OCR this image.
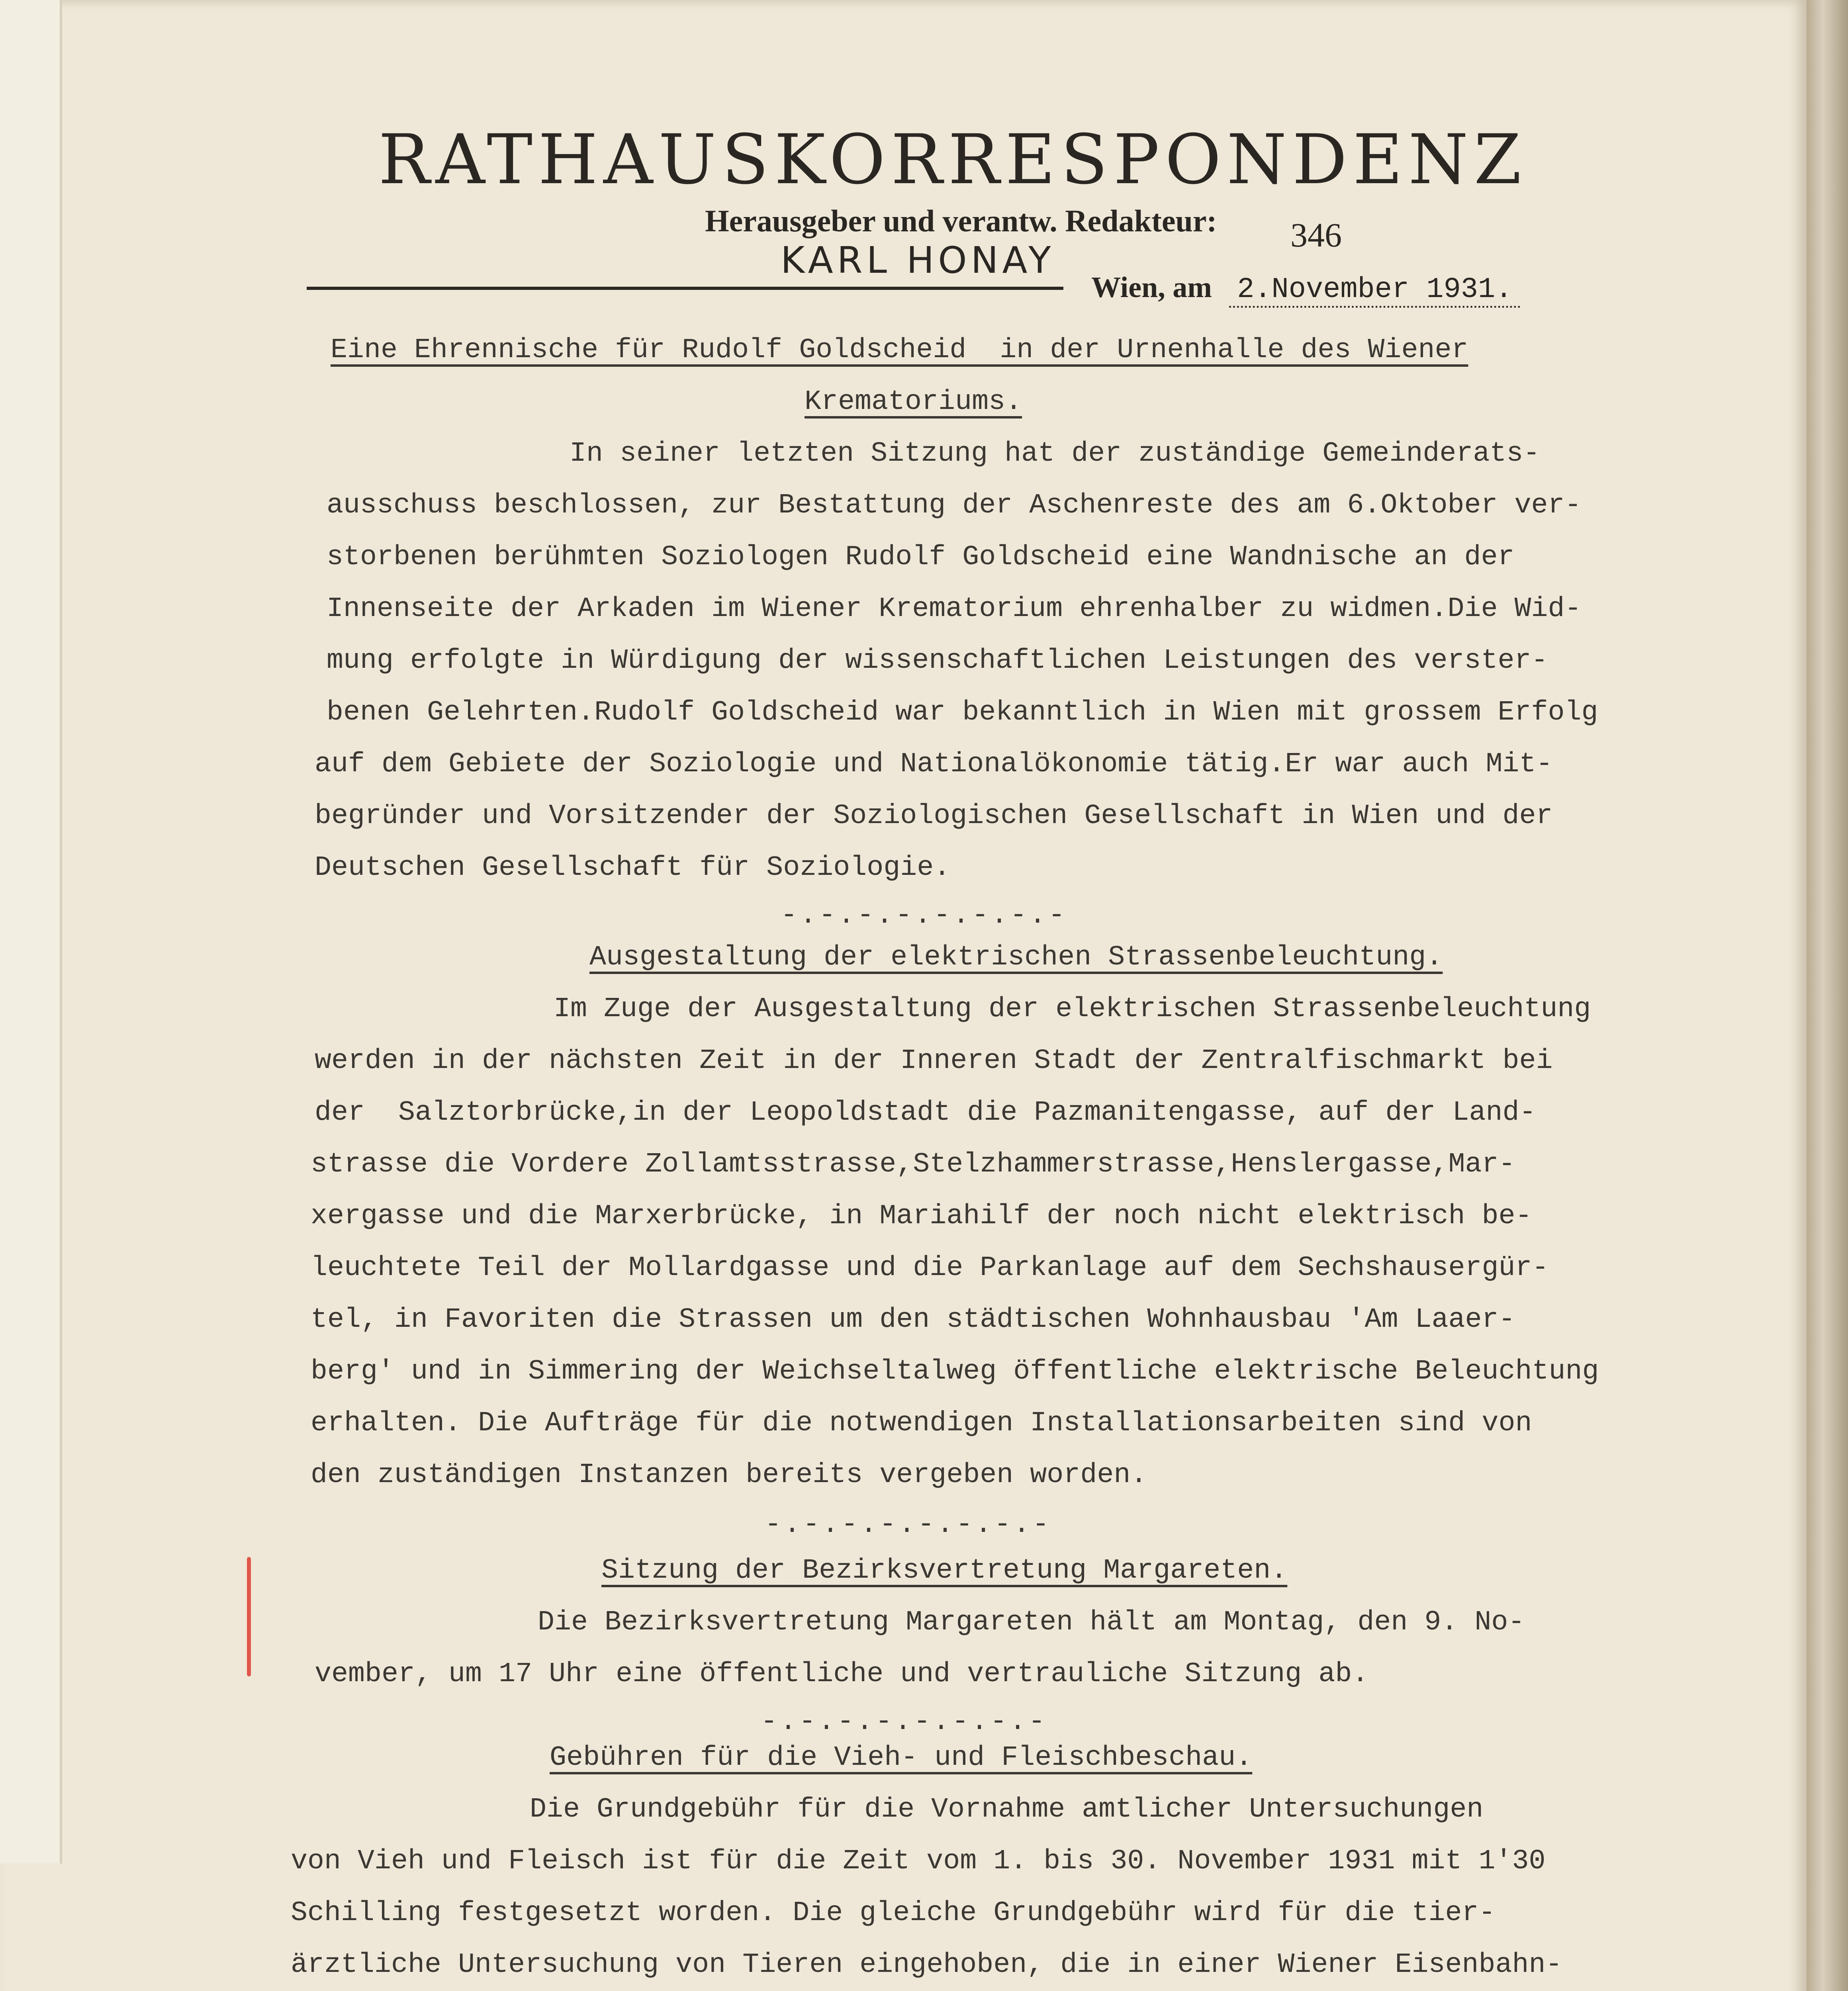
RATHAUSKORRESPONDENZ
Herausgeber und verantw. Redakteur:
KARL HONAY
346
Wien, am 2.November 1931.
Eine Ehrennische für Rudolf Goldscheid  in der Urnenhalle des Wiener
Krematoriums.
In seiner letzten Sitzung hat der zuständige Gemeinderats-
ausschuss beschlossen, zur Bestattung der Aschenreste des am 6.Oktober ver-
storbenen berühmten Soziologen Rudolf Goldscheid eine Wandnische an der
Innenseite der Arkaden im Wiener Krematorium ehrenhalber zu widmen.Die Wid-
mung erfolgte in Würdigung der wissenschaftlichen Leistungen des verster-
benen Gelehrten.Rudolf Goldscheid war bekanntlich in Wien mit grossem Erfolg
auf dem Gebiete der Soziologie und Nationalökonomie tätig.Er war auch Mit-
begründer und Vorsitzender der Soziologischen Gesellschaft in Wien und der
Deutschen Gesellschaft für Soziologie.
-.-.-.-.-.-.-.-
Ausgestaltung der elektrischen Strassenbeleuchtung.
Im Zuge der Ausgestaltung der elektrischen Strassenbeleuchtung
werden in der nächsten Zeit in der Inneren Stadt der Zentralfischmarkt bei
der  Salztorbrücke,in der Leopoldstadt die Pazmanitengasse, auf der Land-
strasse die Vordere Zollamtsstrasse,Stelzhammerstrasse,Henslergasse,Mar-
xergasse und die Marxerbrücke, in Mariahilf der noch nicht elektrisch be-
leuchtete Teil der Mollardgasse und die Parkanlage auf dem Sechshausergür-
tel, in Favoriten die Strassen um den städtischen Wohnhausbau 'Am Laaer-
berg' und in Simmering der Weichseltalweg öffentliche elektrische Beleuchtung
erhalten. Die Aufträge für die notwendigen Installationsarbeiten sind von
den zuständigen Instanzen bereits vergeben worden.
-.-.-.-.-.-.-.-
Sitzung der Bezirksvertretung Margareten.
Die Bezirksvertretung Margareten hält am Montag, den 9. No-
vember, um 17 Uhr eine öffentliche und vertrauliche Sitzung ab.
-.-.-.-.-.-.-.-
Gebühren für die Vieh- und Fleischbeschau.
Die Grundgebühr für die Vornahme amtlicher Untersuchungen
von Vieh und Fleisch ist für die Zeit vom 1. bis 30. November 1931 mit 1'30
Schilling festgesetzt worden. Die gleiche Grundgebühr wird für die tier-
ärztliche Untersuchung von Tieren eingehoben, die in einer Wiener Eisenbahn-
